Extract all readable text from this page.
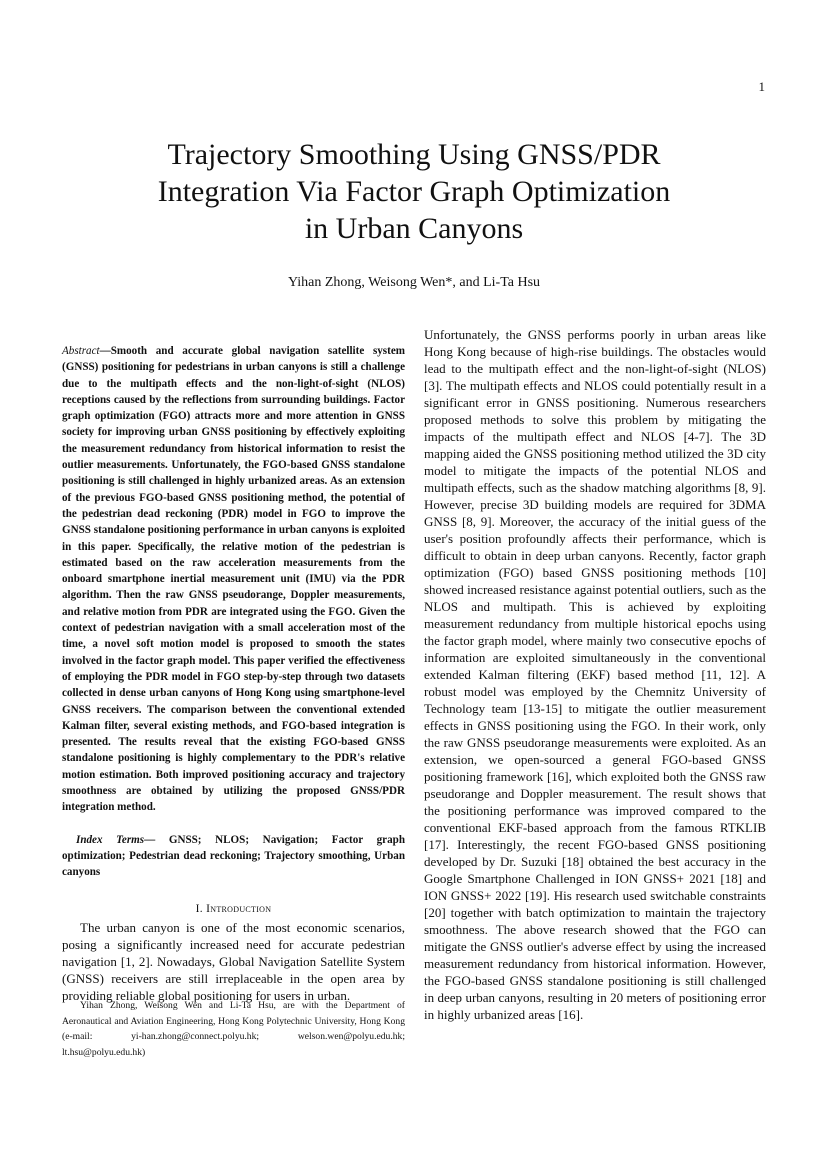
1
Trajectory Smoothing Using GNSS/PDR
Integration Via Factor Graph Optimization
in Urban Canyons
Yihan Zhong, Weisong Wen*, and Li-Ta Hsu

Abstract—Smooth and accurate global navigation satellite system (GNSS) positioning for pedestrians in urban canyons is still a challenge due to the multipath effects and the non-light-of-sight (NLOS) receptions caused by the reflections from surrounding buildings. Factor graph optimization (FGO) attracts more and more attention in GNSS society for improving urban GNSS positioning by effectively exploiting the measurement redundancy from historical information to resist the outlier measurements. Unfortunately, the FGO-based GNSS standalone positioning is still challenged in highly urbanized areas. As an extension of the previous FGO-based GNSS positioning method, the potential of the pedestrian dead reckoning (PDR) model in FGO to improve the GNSS standalone positioning performance in urban canyons is exploited in this paper. Specifically, the relative motion of the pedestrian is estimated based on the raw acceleration measurements from the onboard smartphone inertial measurement unit (IMU) via the PDR algorithm. Then the raw GNSS pseudorange, Doppler measurements, and relative motion from PDR are integrated using the FGO. Given the context of pedestrian navigation with a small acceleration most of the time, a novel soft motion model is proposed to smooth the states involved in the factor graph model. This paper verified the effectiveness of employing the PDR model in FGO step-by-step through two datasets collected in dense urban canyons of Hong Kong using smartphone-level GNSS receivers. The comparison between the conventional extended Kalman filter, several existing methods, and FGO-based integration is presented. The results reveal that the existing FGO-based GNSS standalone positioning is highly complementary to the PDR's relative motion estimation. Both improved positioning accuracy and trajectory smoothness are obtained by utilizing the proposed GNSS/PDR integration method.

Index Terms— GNSS; NLOS; Navigation; Factor graph optimization; Pedestrian dead reckoning; Trajectory smoothing, Urban canyons

I. Introduction

The urban canyon is one of the most economic scenarios, posing a significantly increased need for accurate pedestrian navigation [1, 2]. Nowadays, Global Navigation Satellite System (GNSS) receivers are still irreplaceable in the open area by providing reliable global positioning for users in urban.

Unfortunately, the GNSS performs poorly in urban areas like Hong Kong because of high-rise buildings. The obstacles would lead to the multipath effect and the non-light-of-sight (NLOS) [3]. The multipath effects and NLOS could potentially result in a significant error in GNSS positioning. Numerous researchers proposed methods to solve this problem by mitigating the impacts of the multipath effect and NLOS [4-7]. The 3D mapping aided the GNSS positioning method utilized the 3D city model to mitigate the impacts of the potential NLOS and multipath effects, such as the shadow matching algorithms [8, 9]. However, precise 3D building models are required for 3DMA GNSS [8, 9]. Moreover, the accuracy of the initial guess of the user's position profoundly affects their performance, which is difficult to obtain in deep urban canyons. Recently, factor graph optimization (FGO) based GNSS positioning methods [10] showed increased resistance against potential outliers, such as the NLOS and multipath. This is achieved by exploiting measurement redundancy from multiple historical epochs using the factor graph model, where mainly two consecutive epochs of information are exploited simultaneously in the conventional extended Kalman filtering (EKF) based method [11, 12]. A robust model was employed by the Chemnitz University of Technology team [13-15] to mitigate the outlier measurement effects in GNSS positioning using the FGO. In their work, only the raw GNSS pseudorange measurements were exploited. As an extension, we open-sourced a general FGO-based GNSS positioning framework [16], which exploited both the GNSS raw pseudorange and Doppler measurement. The result shows that the positioning performance was improved compared to the conventional EKF-based approach from the famous RTKLIB [17]. Interestingly, the recent FGO-based GNSS positioning developed by Dr. Suzuki [18] obtained the best accuracy in the Google Smartphone Challenged in ION GNSS+ 2021 [18] and ION GNSS+ 2022 [19]. His research used switchable constraints [20] together with batch optimization to maintain the trajectory smoothness. The above research showed that the FGO can mitigate the GNSS outlier's adverse effect by using the increased measurement redundancy from historical information. However, the FGO-based GNSS standalone positioning is still challenged in deep urban canyons, resulting in 20 meters of positioning error in highly urbanized areas [16].

Yihan Zhong, Weisong Wen and Li-Ta Hsu, are with the Department of Aeronautical and Aviation Engineering, Hong Kong Polytechnic University, Hong Kong (e-mail: yi-han.zhong@connect.polyu.hk; welson.wen@polyu.edu.hk; lt.hsu@polyu.edu.hk)
